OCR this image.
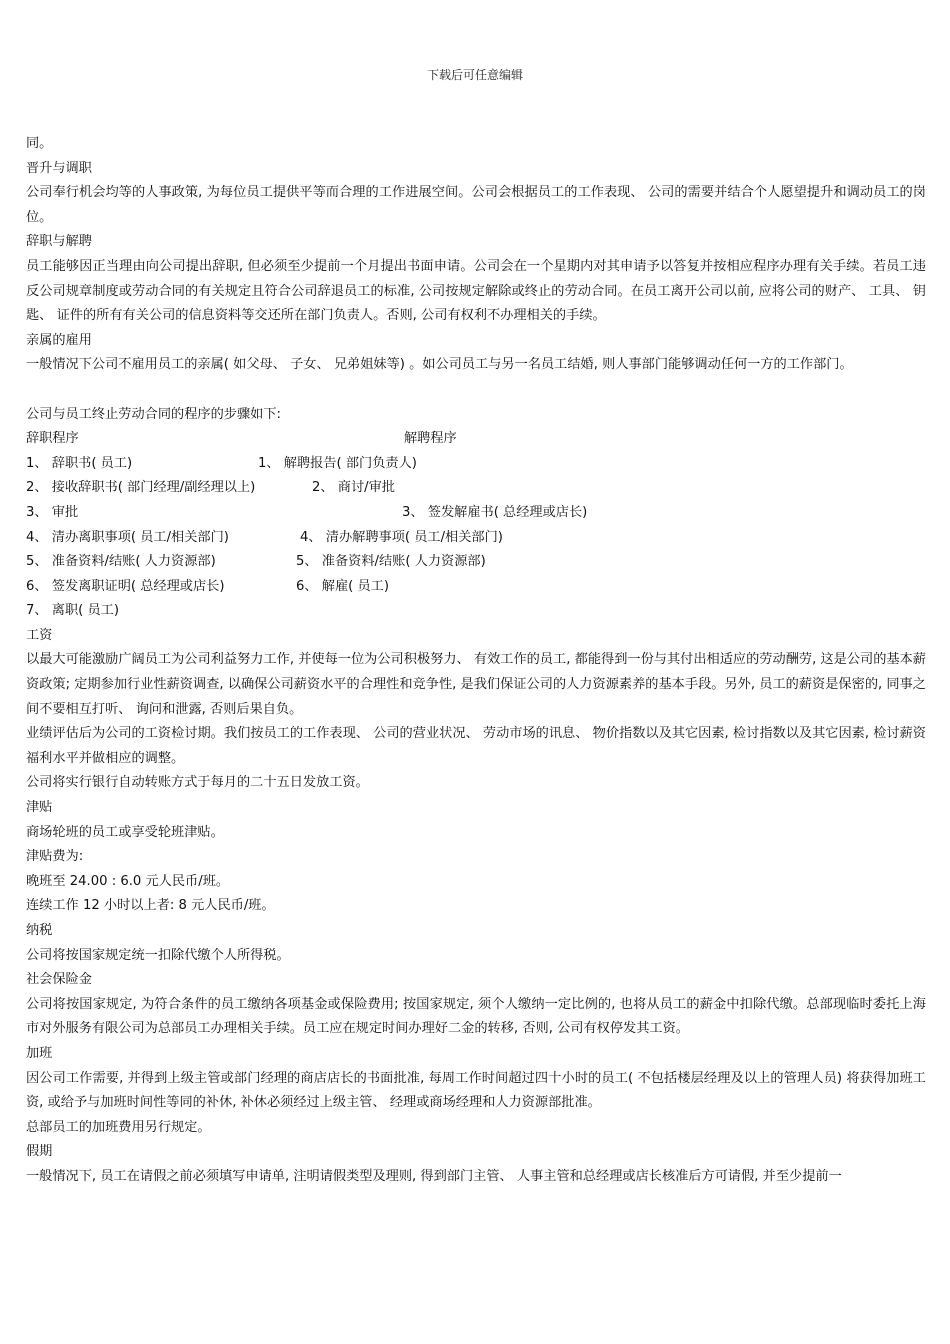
下载后可任意编辑
同。
晋升与调职
公司奉行机会均等的人事政策, 为每位员工提供平等而合理的工作进展空间。公司会根据员工的工作表现、 公司的需要并结合个人愿望提升和调动员工的岗位。
辞职与解聘
员工能够因正当理由向公司提出辞职, 但必须至少提前一个月提出书面申请。公司会在一个星期内对其申请予以答复并按相应程序办理有关手续。若员工违反公司规章制度或劳动合同的有关规定且符合公司辞退员工的标准, 公司按规定解除或终止的劳动合同。在员工离开公司以前, 应将公司的财产、 工具、 钥匙、 证件的所有有关公司的信息资料等交还所在部门负责人。否则, 公司有权利不办理相关的手续。
亲属的雇用
一般情况下公司不雇用员工的亲属( 如父母、 子女、 兄弟姐妹等) 。如公司员工与另一名员工结婚, 则人事部门能够调动任何一方的工作部门。
公司与员工终止劳动合同的程序的步骤如下:
辞职程序	解聘程序
1、 辞职书( 员工)	1、 解聘报告( 部门负责人)
2、 接收辞职书( 部门经理/副经理以上)	2、 商讨/审批
3、 审批	3、 签发解雇书( 总经理或店长)
4、 清办离职事项( 员工/相关部门)	4、 清办解聘事项( 员工/相关部门)
5、 准备资料/结账( 人力资源部)	5、 准备资料/结账( 人力资源部)
6、 签发离职证明( 总经理或店长)	6、 解雇( 员工)
7、 离职( 员工)
工资
以最大可能激励广阔员工为公司利益努力工作, 并使每一位为公司积极努力、 有效工作的员工, 都能得到一份与其付出相适应的劳动酬劳, 这是公司的基本薪资政策; 定期参加行业性薪资调查, 以确保公司薪资水平的合理性和竞争性, 是我们保证公司的人力资源素养的基本手段。另外, 员工的薪资是保密的, 同事之间不要相互打听、 询问和泄露, 否则后果自负。
业绩评估后为公司的工资检讨期。我们按员工的工作表现、 公司的营业状况、 劳动市场的讯息、 物价指数以及其它因素, 检讨指数以及其它因素, 检讨薪资福利水平并做相应的调整。
公司将实行银行自动转账方式于每月的二十五日发放工资。
津贴
商场轮班的员工或享受轮班津贴。
津贴费为:
晚班至 24.00 : 6.0 元人民币/班。
连续工作 12 小时以上者: 8 元人民币/班。
纳税
公司将按国家规定统一扣除代缴个人所得税。
社会保险金
公司将按国家规定, 为符合条件的员工缴纳各项基金或保险费用; 按国家规定, 须个人缴纳一定比例的, 也将从员工的薪金中扣除代缴。总部现临时委托上海市对外服务有限公司为总部员工办理相关手续。员工应在规定时间办理好二金的转移, 否则, 公司有权停发其工资。
加班
因公司工作需要, 并得到上级主管或部门经理的商店店长的书面批准, 每周工作时间超过四十小时的员工( 不包括楼层经理及以上的管理人员) 将获得加班工资, 或给予与加班时间性等同的补休, 补休必须经过上级主管、 经理或商场经理和人力资源部批准。
总部员工的加班费用另行规定。
假期
一般情况下, 员工在请假之前必须填写申请单, 注明请假类型及理则, 得到部门主管、 人事主管和总经理或店长核准后方可请假, 并至少提前一
